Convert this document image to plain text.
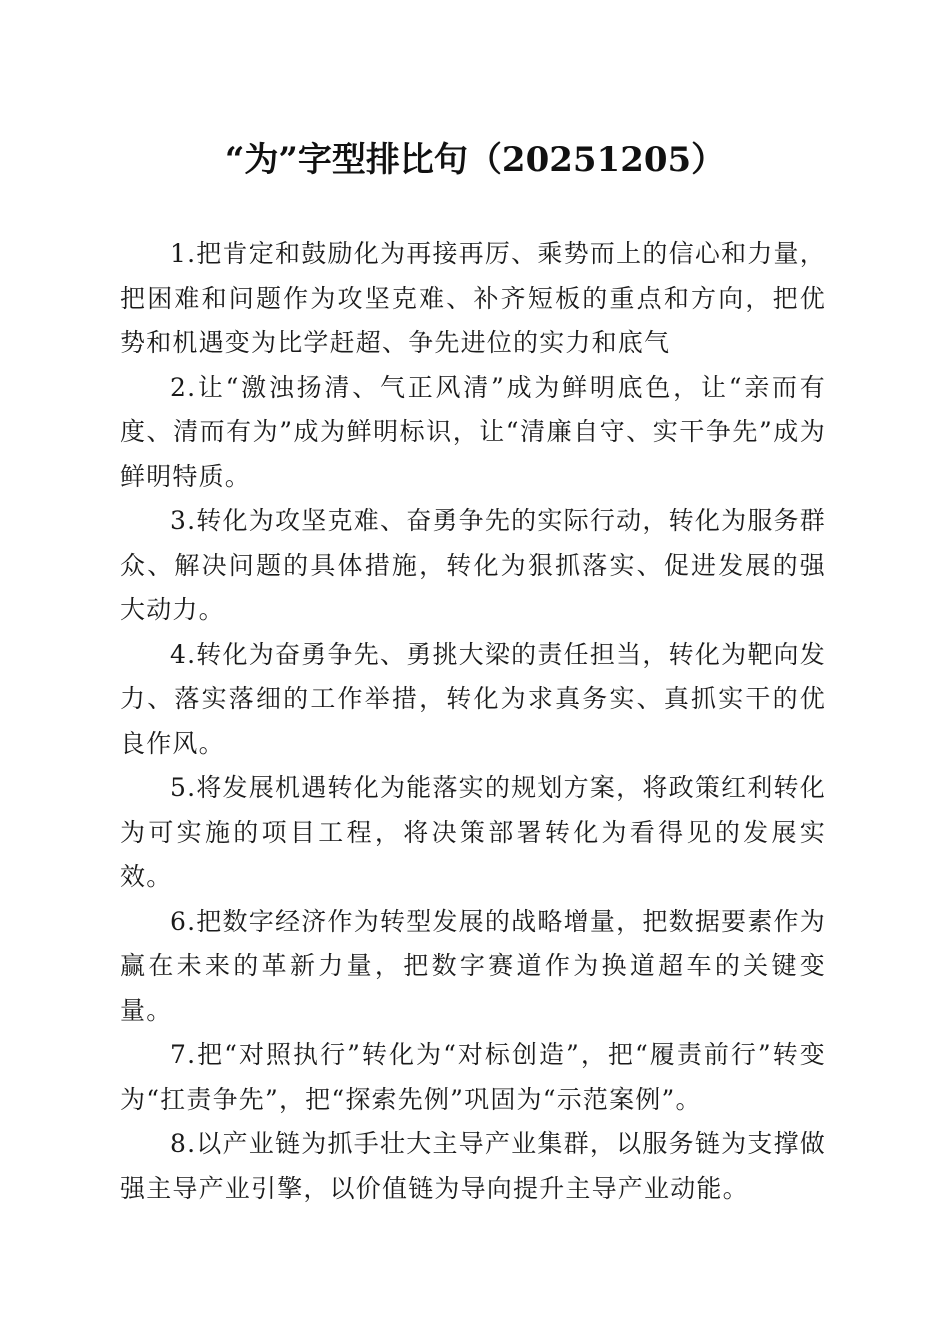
“为”字型排比句（20251205）

1.把肯定和鼓励化为再接再厉、乘势而上的信心和力量，把困难和问题作为攻坚克难、补齐短板的重点和方向，把优势和机遇变为比学赶超、争先进位的实力和底气

2.让“激浊扬清、气正风清”成为鲜明底色，让“亲而有度、清而有为”成为鲜明标识，让“清廉自守、实干争先”成为鲜明特质。

3.转化为攻坚克难、奋勇争先的实际行动，转化为服务群众、解决问题的具体措施，转化为狠抓落实、促进发展的强大动力。

4.转化为奋勇争先、勇挑大梁的责任担当，转化为靶向发力、落实落细的工作举措，转化为求真务实、真抓实干的优良作风。

5.将发展机遇转化为能落实的规划方案，将政策红利转化为可实施的项目工程，将决策部署转化为看得见的发展实效。

6.把数字经济作为转型发展的战略增量，把数据要素作为赢在未来的革新力量，把数字赛道作为换道超车的关键变量。

7.把“对照执行”转化为“对标创造”，把“履责前行”转变为“扛责争先”，把“探索先例”巩固为“示范案例”。

8.以产业链为抓手壮大主导产业集群，以服务链为支撑做强主导产业引擎，以价值链为导向提升主导产业动能。
